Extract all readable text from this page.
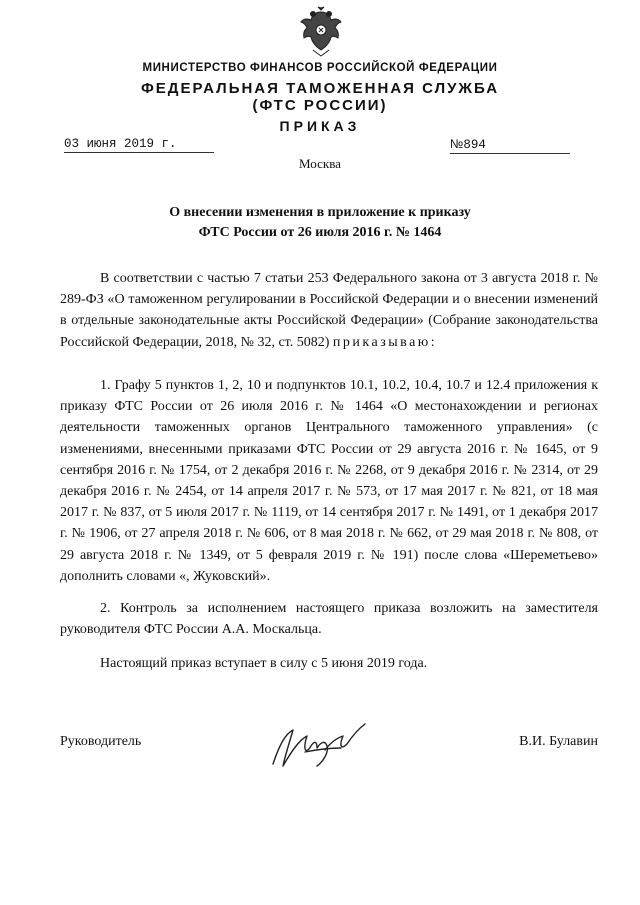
МИНИСТЕРСТВО ФИНАНСОВ РОССИЙСКОЙ ФЕДЕРАЦИИ
ФЕДЕРАЛЬНАЯ ТАМОЖЕННАЯ СЛУЖБА
(ФТС РОССИИ)
ПРИКАЗ
03 июня 2019 г.	№894
Москва
О внесении изменения в приложение к приказу
ФТС России от 26 июля 2016 г. № 1464

В соответствии с частью 7 статьи 253 Федерального закона от 3 августа 2018 г. № 289-ФЗ «О таможенном регулировании в Российской Федерации и о внесении изменений в отдельные законодательные акты Российской Федерации» (Собрание законодательства Российской Федерации, 2018, № 32, ст. 5082) приказываю:

1. Графу 5 пунктов 1, 2, 10 и подпунктов 10.1, 10.2, 10.4, 10.7 и 12.4 приложения к приказу ФТС России от 26 июля 2016 г. № 1464 «О местонахождении и регионах деятельности таможенных органов Центрального таможенного управления» (с изменениями, внесенными приказами ФТС России от 29 августа 2016 г. № 1645, от 9 сентября 2016 г. № 1754, от 2 декабря 2016 г. № 2268, от 9 декабря 2016 г. № 2314, от 29 декабря 2016 г. № 2454, от 14 апреля 2017 г. № 573, от 17 мая 2017 г. № 821, от 18 мая 2017 г. № 837, от 5 июля 2017 г. № 1119, от 14 сентября 2017 г. № 1491, от 1 декабря 2017 г. № 1906, от 27 апреля 2018 г. № 606, от 8 мая 2018 г. № 662, от 29 мая 2018 г. № 808, от 29 августа 2018 г. № 1349, от 5 февраля 2019 г. № 191) после слова «Шереметьево» дополнить словами «, Жуковский».

2. Контроль за исполнением настоящего приказа возложить на заместителя руководителя ФТС России А.А. Москальца.

Настоящий приказ вступает в силу с 5 июня 2019 года.

Руководитель	В.И. Булавин
